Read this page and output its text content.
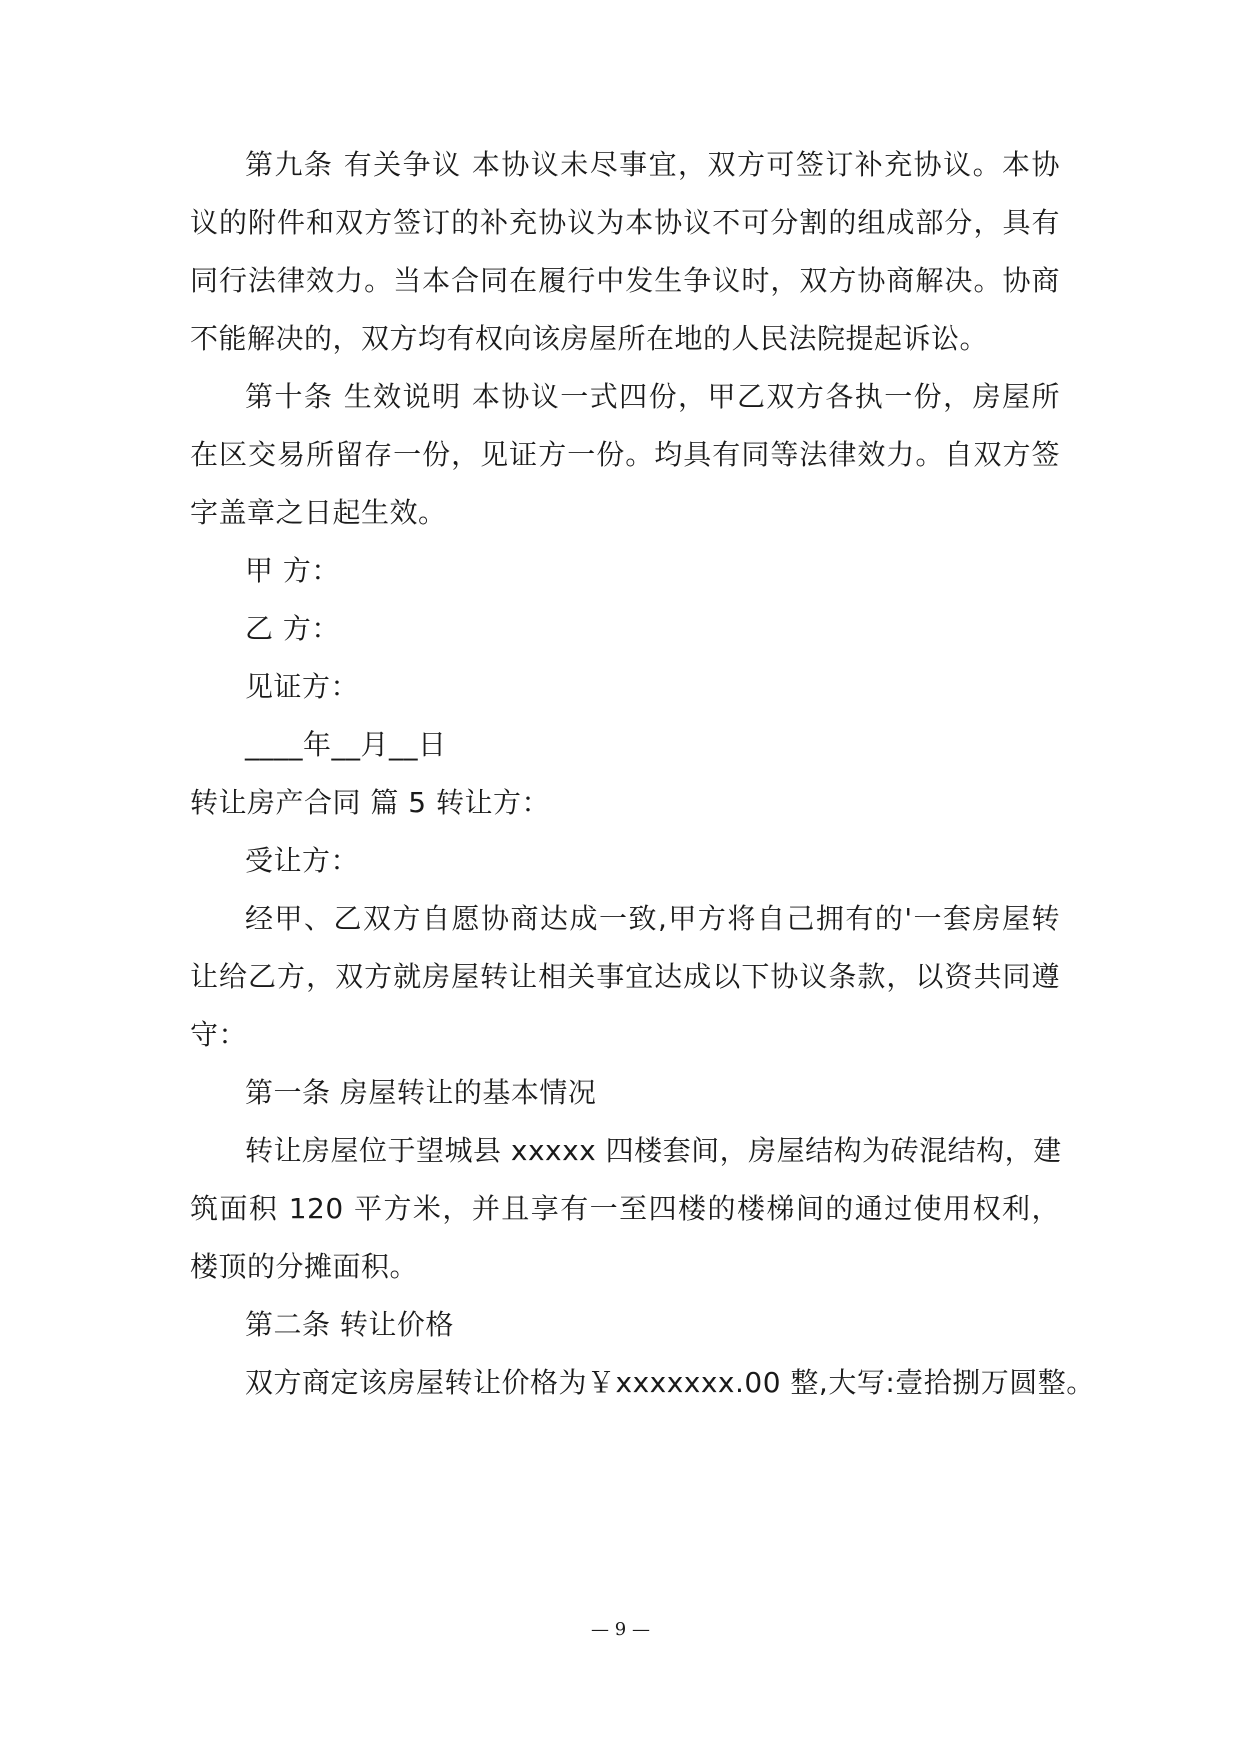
第九条 有关争议 本协议未尽事宜，双方可签订补充协议。本协
议的附件和双方签订的补充协议为本协议不可分割的组成部分，具有
同行法律效力。当本合同在履行中发生争议时，双方协商解决。协商
不能解决的，双方均有权向该房屋所在地的人民法院提起诉讼。
第十条 生效说明 本协议一式四份，甲乙双方各执一份，房屋所
在区交易所留存一份，见证方一份。均具有同等法律效力。自双方签
字盖章之日起生效。
甲 方：
乙 方：
见证方：
____年__月__日
转让房产合同 篇 5 转让方：
受让方：
经甲、乙双方自愿协商达成一致,甲方将自己拥有的'一套房屋转
让给乙方，双方就房屋转让相关事宜达成以下协议条款，以资共同遵
守：
第一条 房屋转让的基本情况
转让房屋位于望城县 xxxxx 四楼套间，房屋结构为砖混结构，建
筑面积 120 平方米，并且享有一至四楼的楼梯间的通过使用权利，
楼顶的分摊面积。
第二条 转让价格
双方商定该房屋转让价格为￥xxxxxxx.00 整,大写:壹拾捌万圆整。
— 9 —
